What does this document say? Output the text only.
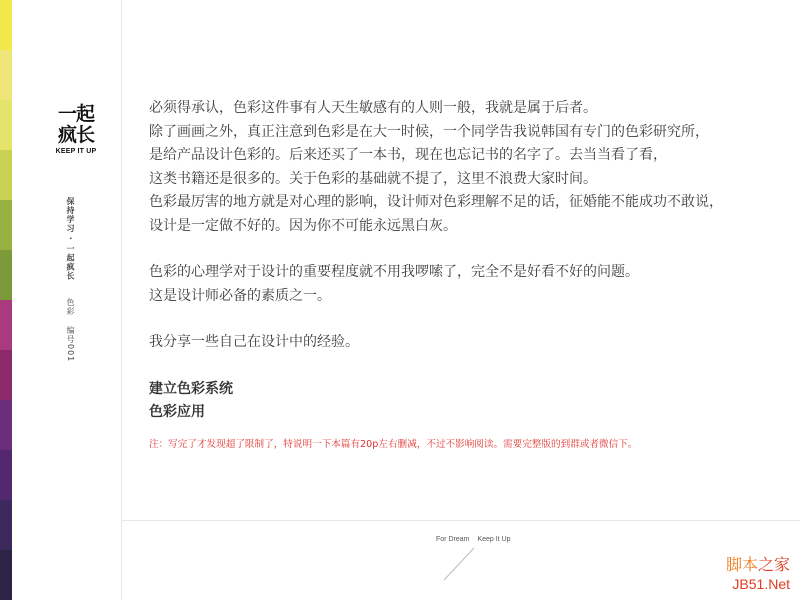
一起
疯长
KEEP IT UP
保持学习 · 一起疯长
色彩
编号001
必须得承认，色彩这件事有人天生敏感有的人则一般，我就是属于后者。
除了画画之外，真正注意到色彩是在大一时候，一个同学告我说韩国有专门的色彩研究所，
是给产品设计色彩的。后来还买了一本书，现在也忘记书的名字了。去当当看了看，
这类书籍还是很多的。关于色彩的基础就不提了，这里不浪费大家时间。
色彩最厉害的地方就是对心理的影响，设计师对色彩理解不足的话，征婚能不能成功不敢说，
设计是一定做不好的。因为你不可能永远黑白灰。
色彩的心理学对于设计的重要程度就不用我啰嗦了，完全不是好看不好的问题。
这是设计师必备的素质之一。
我分享一些自己在设计中的经验。
建立色彩系统
色彩应用
注：写完了才发现超了限制了，特说明一下本篇有20p左右删减，不过不影响阅读。需要完整版的到群或者微信下。
For Dream Keep It Up
脚本之家
JB51.Net
